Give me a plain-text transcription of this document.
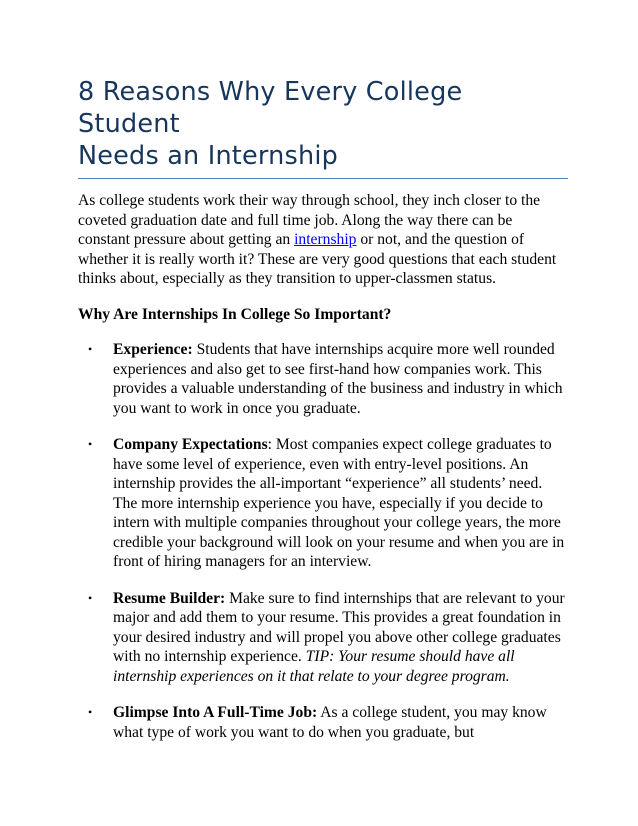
8 Reasons Why Every College Student
Needs an Internship

As college students work their way through school, they inch closer to the coveted graduation date and full time job. Along the way there can be constant pressure about getting an internship or not, and the question of whether it is really worth it? These are very good questions that each student thinks about, especially as they transition to upper-classmen status.

Why Are Internships In College So Important?

•	Experience: Students that have internships acquire more well rounded experiences and also get to see first-hand how companies work. This provides a valuable understanding of the business and industry in which you want to work in once you graduate.
•	Company Expectations: Most companies expect college graduates to have some level of experience, even with entry-level positions. An internship provides the all-important “experience” all students’ need. The more internship experience you have, especially if you decide to intern with multiple companies throughout your college years, the more credible your background will look on your resume and when you are in front of hiring managers for an interview.
•	Resume Builder: Make sure to find internships that are relevant to your major and add them to your resume. This provides a great foundation in your desired industry and will propel you above other college graduates with no internship experience. TIP: Your resume should have all internship experiences on it that relate to your degree program.
•	Glimpse Into A Full-Time Job: As a college student, you may know what type of work you want to do when you graduate, but
